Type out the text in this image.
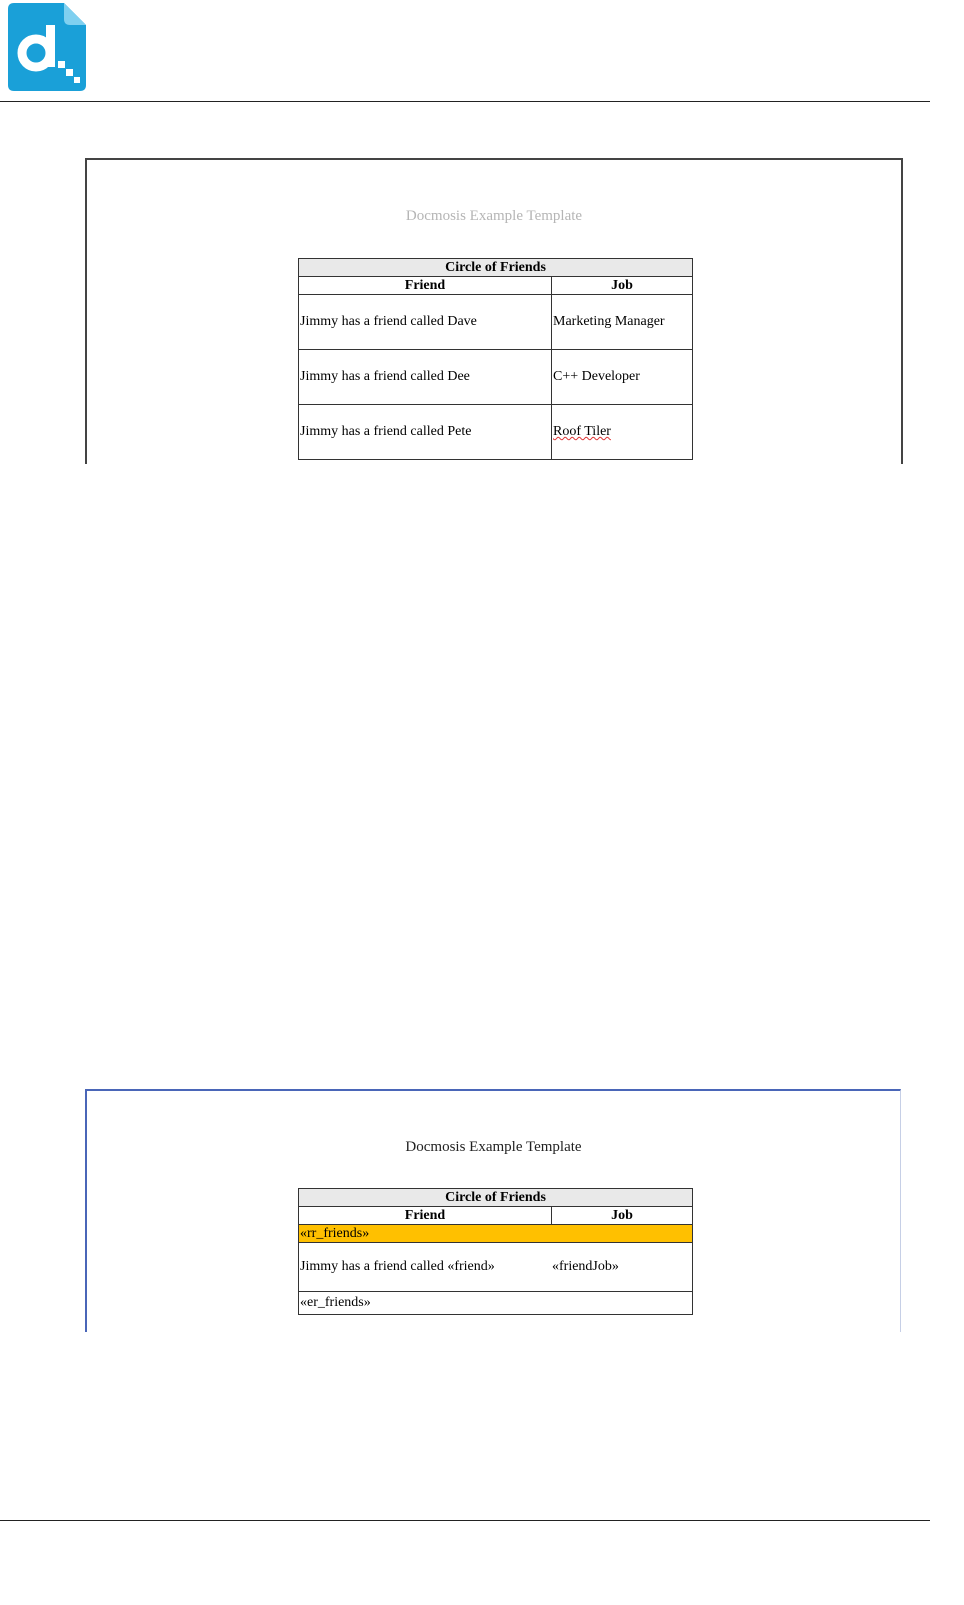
Docmosis Example Template
Circle of Friends	
Friend	Job
Jimmy has a friend called Dave	Marketing Manager
Jimmy has a friend called Dee	C++ Developer
Jimmy has a friend called Pete	Roof Tiler
Docmosis Example Template
Circle of Friends
Friend	Job
«rr_friends»

Jimmy has a friend called «friend»	«friendJob»

«er_friends»
